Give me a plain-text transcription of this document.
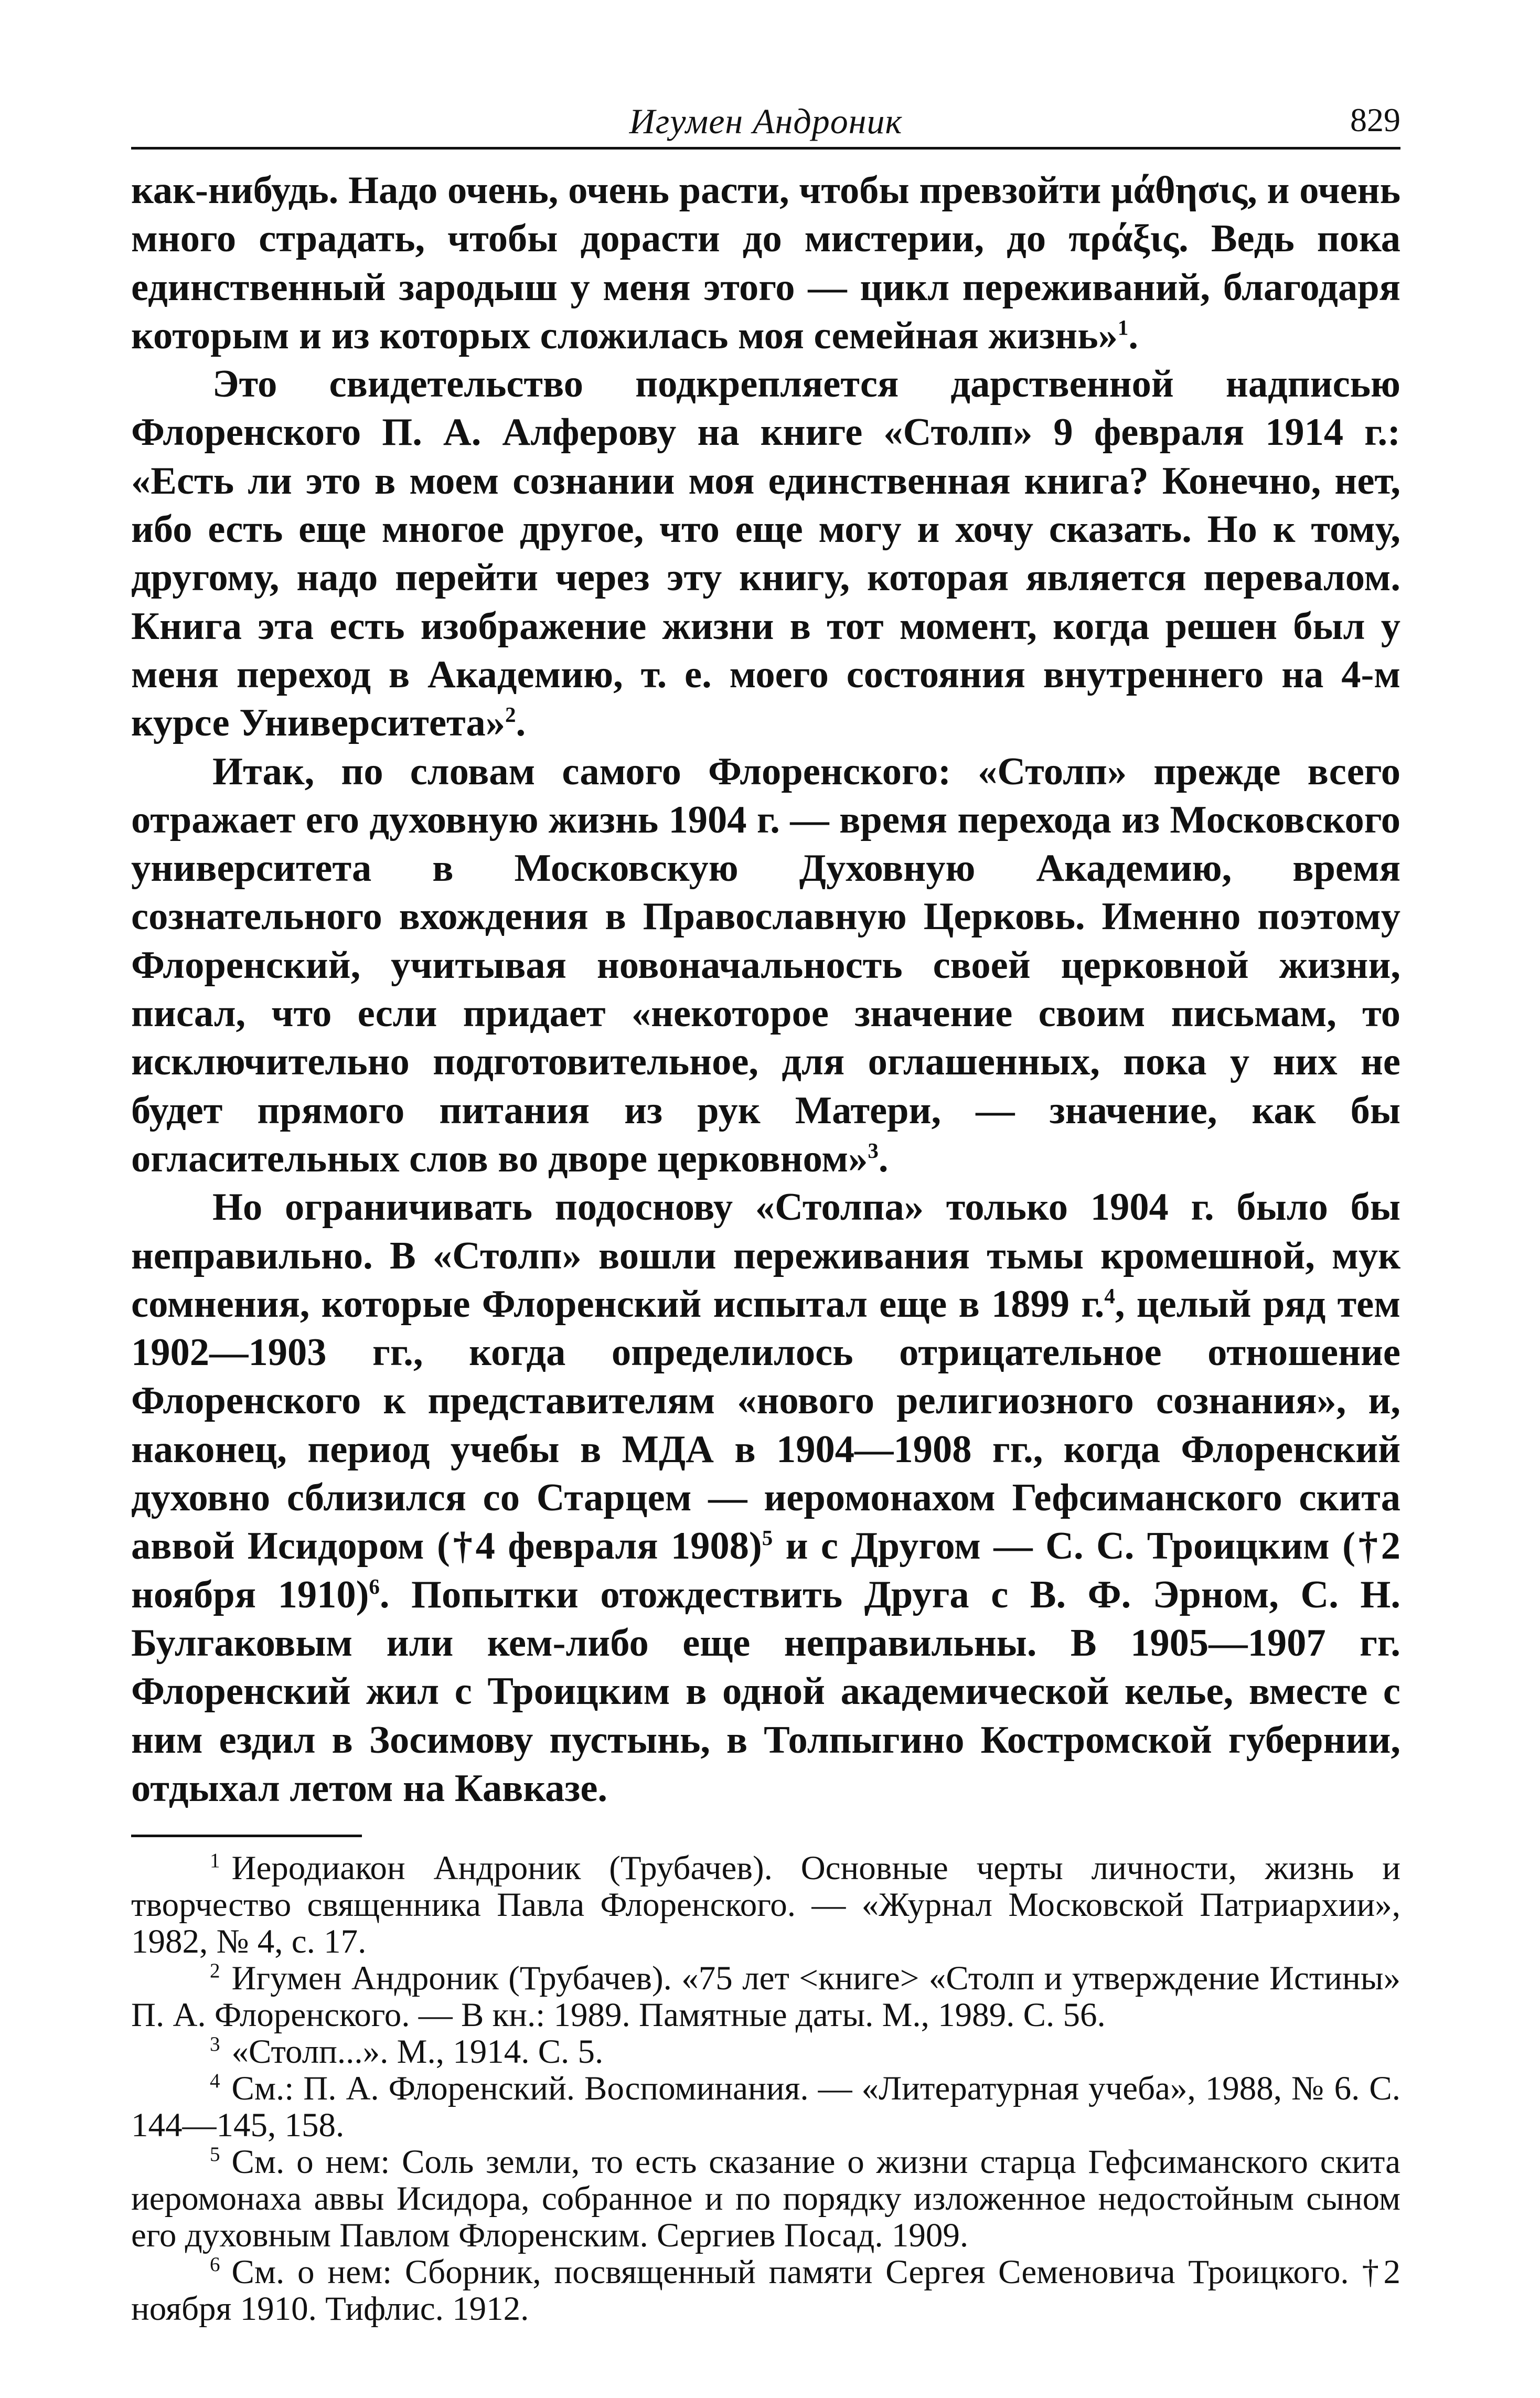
Игумен Андроник	829

как-нибудь. Надо очень, очень расти, чтобы превзойти μάθησις, и очень много страдать, чтобы дорасти до мистерии, до πράξις. Ведь пока единственный зародыш у меня этого — цикл переживаний, благодаря которым и из которых сложилась моя семейная жизнь»$^1$.

Это свидетельство подкрепляется дарственной надписью Флоренского П. А. Алферову на книге «Столп» 9 февраля 1914 г.: «Есть ли это в моем сознании моя единственная книга? Конечно, нет, ибо есть еще многое другое, что еще могу и хочу сказать. Но к тому, другому, надо перейти через эту книгу, которая является перевалом. Книга эта есть изображение жизни в тот момент, когда решен был у меня переход в Академию, т. е. моего состояния внутреннего на 4-м курсе Университета»$^2$.

Итак, по словам самого Флоренского: «Столп» прежде всего отражает его духовную жизнь 1904 г. — время перехода из Московского университета в Московскую Духовную Академию, время сознательного вхождения в Православную Церковь. Именно поэтому Флоренский, учитывая новоначальность своей церковной жизни, писал, что если придает «некоторое значение своим письмам, то исключительно подготовительное, для оглашенных, пока у них не будет прямого питания из рук Матери, — значение, как бы огласительных слов во дворе церковном»$^3$.

Но ограничивать подоснову «Столпа» только 1904 г. было бы неправильно. В «Столп» вошли переживания тьмы кромешной, мук сомнения, которые Флоренский испытал еще в 1899 г.$^4$, целый ряд тем 1902—1903 гг., когда определилось отрицательное отношение Флоренского к представителям «нового религиозного сознания», и, наконец, период учебы в МДА в 1904—1908 гг., когда Флоренский духовно сблизился со Старцем — иеромонахом Гефсиманского скита аввой Исидором (†4 февраля 1908)$^5$ и с Другом — С. С. Троицким (†2 ноября 1910)$^6$. Попытки отождествить Друга с В. Ф. Эрном, С. Н. Булгаковым или кем-либо еще неправильны. В 1905—1907 гг. Флоренский жил с Троицким в одной академической келье, вместе с ним ездил в Зосимову пустынь, в Толпыгино Костромской губернии, отдыхал летом на Кавказе.

$^1$ Иеродиакон Андроник (Трубачев). Основные черты личности, жизнь и творчество священника Павла Флоренского. — «Журнал Московской Патриархии», 1982, № 4, с. 17.

$^2$ Игумен Андроник (Трубачев). «75 лет <книге> «Столп и утверждение Истины» П. А. Флоренского. — В кн.: 1989. Памятные даты. М., 1989. С. 56.

$^3$ «Столп...». М., 1914. С. 5.

$^4$ См.: П. А. Флоренский. Воспоминания. — «Литературная учеба», 1988, № 6. С. 144—145, 158.

$^5$ См. о нем: Соль земли, то есть сказание о жизни старца Гефсиманского скита иеромонаха аввы Исидора, собранное и по порядку изложенное недостойным сыном его духовным Павлом Флоренским. Сергиев Посад. 1909.

$^6$ См. о нем: Сборник, посвященный памяти Сергея Семеновича Троицкого. †2 ноября 1910. Тифлис. 1912.
